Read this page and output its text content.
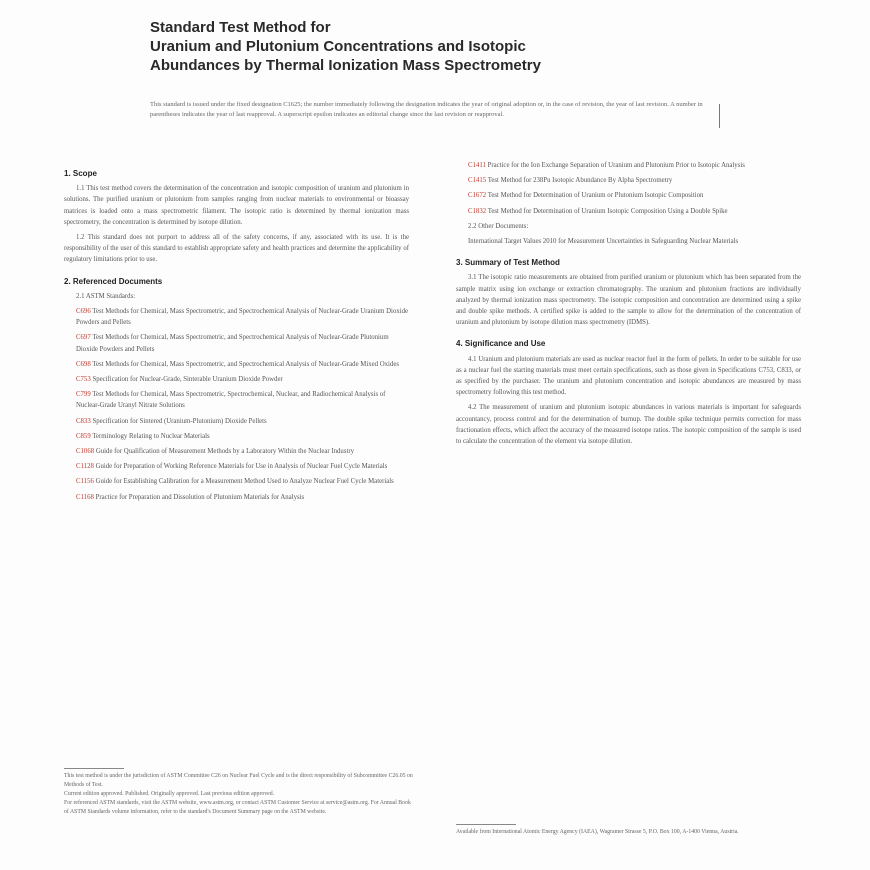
Standard Test Method for
Uranium and Plutonium Concentrations and Isotopic
Abundances by Thermal Ionization Mass Spectrometry
This standard is issued under the fixed designation C1625; the number immediately following the designation indicates the year of original adoption or, in the case of revision, the year of last revision. A number in parentheses indicates the year of last reapproval. A superscript epsilon indicates an editorial change since the last revision or reapproval.
1. Scope

1.1 This test method covers the determination of the concentration and isotopic composition of uranium and plutonium in solutions. The purified uranium or plutonium from samples ranging from nuclear materials to environmental or bioassay matrices is loaded onto a mass spectrometric filament. The isotopic ratio is determined by thermal ionization mass spectrometry, the concentration is determined by isotope dilution.

1.2 This standard does not purport to address all of the safety concerns, if any, associated with its use. It is the responsibility of the user of this standard to establish appropriate safety and health practices and determine the applicability of regulatory limitations prior to use.

2. Referenced Documents

2.1 ASTM Standards:

C696 Test Methods for Chemical, Mass Spectrometric, and Spectrochemical Analysis of Nuclear-Grade Uranium Dioxide Powders and Pellets
C697 Test Methods for Chemical, Mass Spectrometric, and Spectrochemical Analysis of Nuclear-Grade Plutonium Dioxide Powders and Pellets
C698 Test Methods for Chemical, Mass Spectrometric, and Spectrochemical Analysis of Nuclear-Grade Mixed Oxides
C753 Specification for Nuclear-Grade, Sinterable Uranium Dioxide Powder
C799 Test Methods for Chemical, Mass Spectrometric, Spectrochemical, Nuclear, and Radiochemical Analysis of Nuclear-Grade Uranyl Nitrate Solutions
C833 Specification for Sintered (Uranium-Plutonium) Dioxide Pellets
C859 Terminology Relating to Nuclear Materials
C1068 Guide for Qualification of Measurement Methods by a Laboratory Within the Nuclear Industry
C1128 Guide for Preparation of Working Reference Materials for Use in Analysis of Nuclear Fuel Cycle Materials
C1156 Guide for Establishing Calibration for a Measurement Method Used to Analyze Nuclear Fuel Cycle Materials
C1168 Practice for Preparation and Dissolution of Plutonium Materials for Analysis
This test method is under the jurisdiction of ASTM Committee C26 on Nuclear Fuel Cycle and is the direct responsibility of Subcommittee C26.05 on Methods of Test.
Current edition approved. Published. Originally approved. Last previous edition approved.
For referenced ASTM standards, visit the ASTM website, www.astm.org, or contact ASTM Customer Service at service@astm.org. For Annual Book of ASTM Standards volume information, refer to the standard's Document Summary page on the ASTM website.
C1411 Practice for the Ion Exchange Separation of Uranium and Plutonium Prior to Isotopic Analysis
C1415 Test Method for 238Pu Isotopic Abundance By Alpha Spectrometry
C1672 Test Method for Determination of Uranium or Plutonium Isotopic Composition
C1832 Test Method for Determination of Uranium Isotopic Composition Using a Double Spike
2.2 Other Documents:
International Target Values 2010 for Measurement Uncertainties in Safeguarding Nuclear Materials
3. Summary of Test Method

3.1 The isotopic ratio measurements are obtained from purified uranium or plutonium which has been separated from the sample matrix using ion exchange or extraction chromatography. The uranium and plutonium fractions are individually analyzed by thermal ionization mass spectrometry. The isotopic composition and concentration are determined using a spike and double spike methods. A certified spike is added to the sample to allow for the determination of the concentration of uranium and plutonium by isotope dilution mass spectrometry (IDMS).

4. Significance and Use

4.1 Uranium and plutonium materials are used as nuclear reactor fuel in the form of pellets. In order to be suitable for use as a nuclear fuel the starting materials must meet certain specifications, such as those given in Specifications C753, C833, or as specified by the purchaser. The uranium and plutonium concentration and isotopic abundances are measured by mass spectrometry following this test method.

4.2 The measurement of uranium and plutonium isotopic abundances in various materials is important for safeguards accountancy, process control and for the determination of burnup. The double spike technique permits correction for mass fractionation effects, which affect the accuracy of the measured isotope ratios. The isotopic composition of the sample is used to calculate the concentration of the element via isotope dilution.

Available from International Atomic Energy Agency (IAEA), Wagramer Strasse 5, P.O. Box 100, A-1400 Vienna, Austria.
